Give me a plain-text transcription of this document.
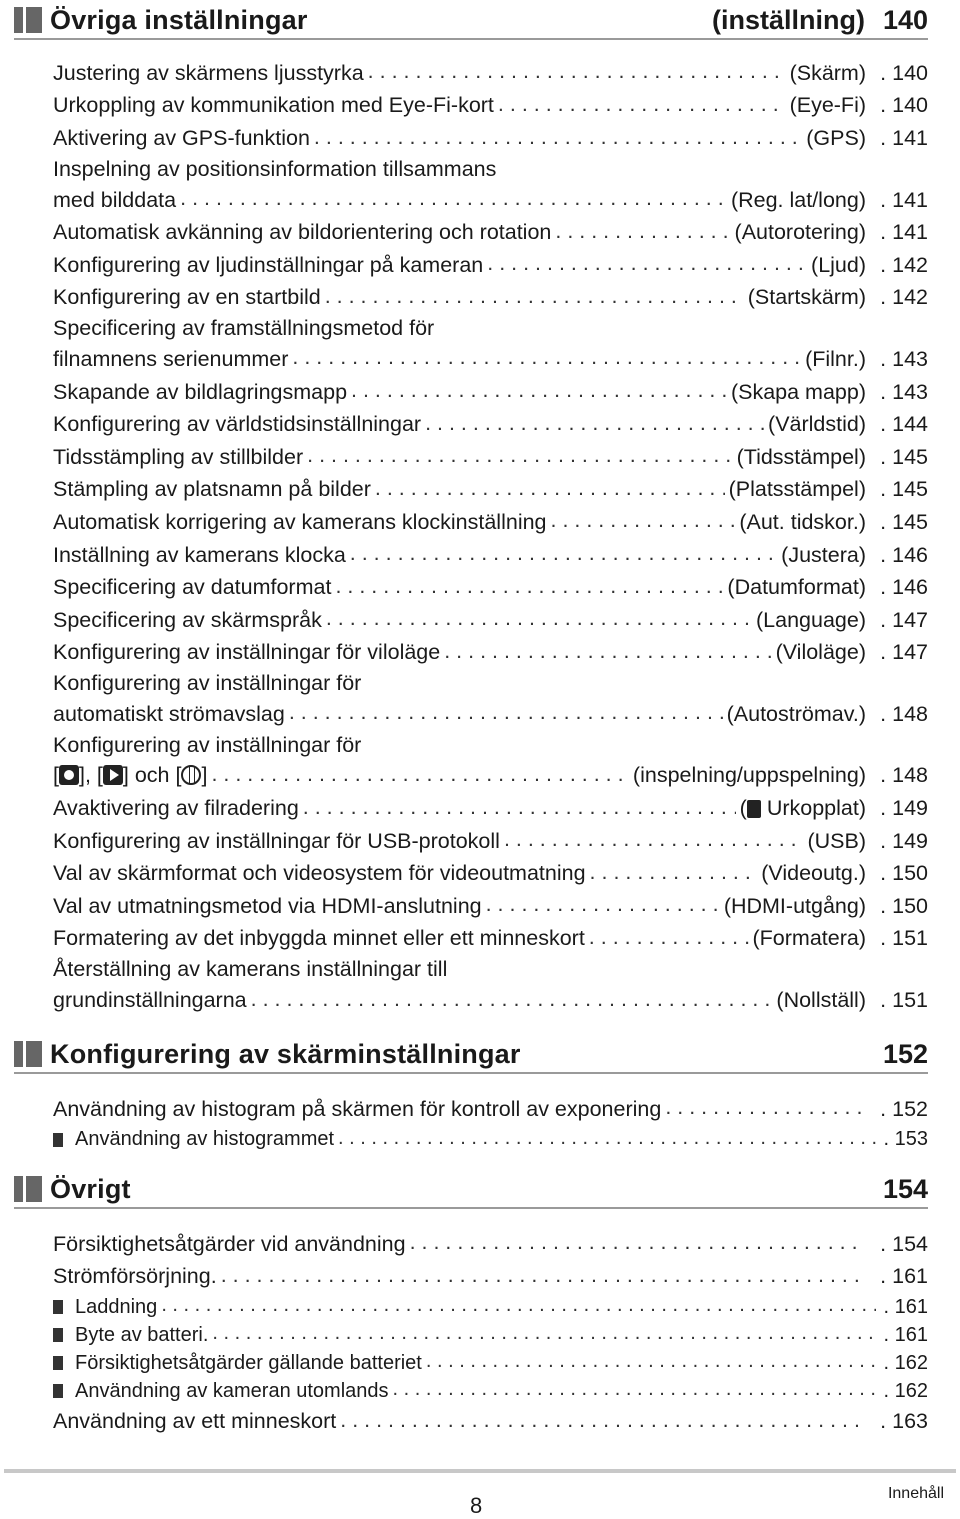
Övriga inställningar	(inställning) 140
Justering av skärmens ljusstyrka . . .	(Skärm) . 140
Urkoppling av kommunikation med Eye-Fi-kort . . .	(Eye-Fi) . 140
Aktivering av GPS-funktion . . .	(GPS) . 141
Inspelning av positionsinformation tillsammans
med bilddata . . .	(Reg. lat/long) . 141
Automatisk avkänning av bildorientering och rotation . . .	(Autorotering) . 141
Konfigurering av ljudinställningar på kameran . . .	(Ljud) . 142
Konfigurering av en startbild . . .	(Startskärm) . 142
Specificering av framställningsmetod för
filnamnens serienummer . . .	(Filnr.) . 143
Skapande av bildlagringsmapp . . .	(Skapa mapp) . 143
Konfigurering av världstidsinställningar . . .	(Världstid) . 144
Tidsstämpling av stillbilder . . .	(Tidsstämpel) . 145
Stämpling av platsnamn på bilder . . .	(Platsstämpel) . 145
Automatisk korrigering av kamerans klockinställning . . .	(Aut. tidskor.) . 145
Inställning av kamerans klocka . . .	(Justera) . 146
Specificering av datumformat . . .	(Datumformat) . 146
Specificering av skärmspråk . . .	(Language) . 147
Konfigurering av inställningar för viloläge . . .	(Viloläge) . 147
Konfigurering av inställningar för
automatiskt strömavslag . . .	(Autoströmav.) . 148
Konfigurering av inställningar för
[ ], [ ] och [ ] . . .	(inspelning/uppspelning) . 148
Avaktivering av filradering . . .	( Urkopplat) . 149
Konfigurering av inställningar för USB-protokoll . . .	(USB) . 149
Val av skärmformat och videosystem för videoutmatning . . .	(Videoutg.) . 150
Val av utmatningsmetod via HDMI-anslutning . . .	(HDMI-utgång) . 150
Formatering av det inbyggda minnet eller ett minneskort . . .	(Formatera) . 151
Återställning av kamerans inställningar till
grundinställningarna . . .	(Nollställ) . 151
Konfigurering av skärminställningar	152
Användning av histogram på skärmen för kontroll av exponering . . .	. 152
Användning av histogrammet . . .	. 153
Övrigt	154
Försiktighetsåtgärder vid användning . . .	. 154
Strömförsörjning. . . .	. 161
Laddning . . .	. 161
Byte av batteri. . . .	. 161
Försiktighetsåtgärder gällande batteriet . . .	. 162
Användning av kameran utomlands . . .	. 162
Användning av ett minneskort . . .	. 163
8	Innehåll
